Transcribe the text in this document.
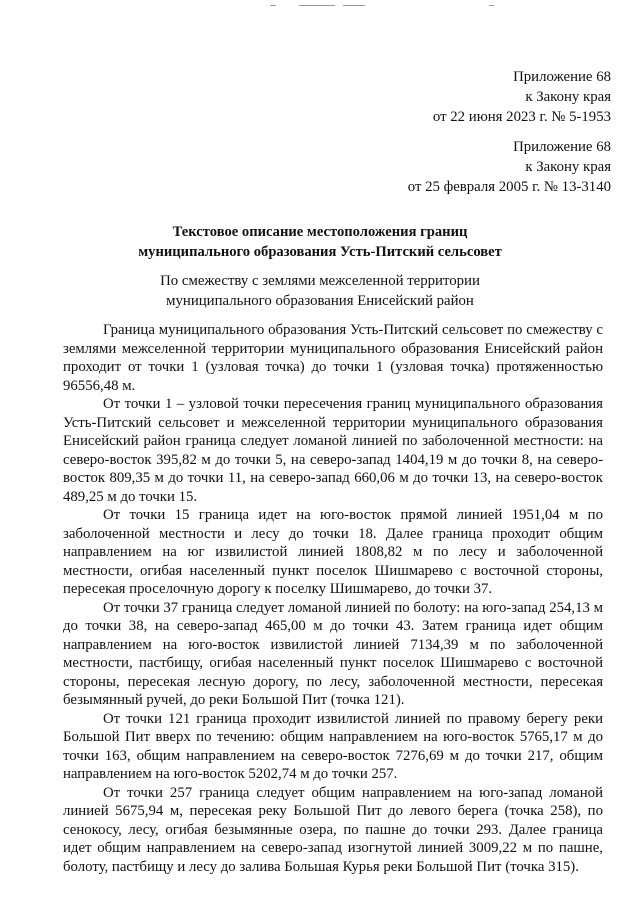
Приложение 68
к Закону края
от 22 июня 2023 г. № 5-1953
Приложение 68
к Закону края
от 25 февраля 2005 г. № 13-3140
Текстовое описание местоположения границ
муниципального образования Усть-Питский сельсовет
По смежеству с землями межселенной территории
муниципального образования Енисейский район

Граница муниципального образования Усть-Питский сельсовет по смежеству с землями межселенной территории муниципального образования Енисейский район проходит от точки 1 (узловая точка) до точки 1 (узловая точка) протяженностью 96556,48 м.

От точки 1 – узловой точки пересечения границ муниципального образования Усть-Питский сельсовет и межселенной территории муниципального образования Енисейский район граница следует ломаной линией по заболоченной местности: на северо-восток 395,82 м до точки 5, на северо-запад 1404,19 м до точки 8, на северо-восток 809,35 м до точки 11, на северо-запад 660,06 м до точки 13, на северо-восток 489,25 м до точки 15.

От точки 15 граница идет на юго-восток прямой линией 1951,04 м по заболоченной местности и лесу до точки 18. Далее граница проходит общим направлением на юг извилистой линией 1808,82 м по лесу и заболоченной местности, огибая населенный пункт поселок Шишмарево с восточной стороны, пересекая проселочную дорогу к поселку Шишмарево, до точки 37.

От точки 37 граница следует ломаной линией по болоту: на юго-запад 254,13 м до точки 38, на северо-запад 465,00 м до точки 43. Затем граница идет общим направлением на юго-восток извилистой линией 7134,39 м по заболоченной местности, пастбищу, огибая населенный пункт поселок Шишмарево с восточной стороны, пересекая лесную дорогу, по лесу, заболоченной местности, пересекая безымянный ручей, до реки Большой Пит (точка 121).

От точки 121 граница проходит извилистой линией по правому берегу реки Большой Пит вверх по течению: общим направлением на юго-восток 5765,17 м до точки 163, общим направлением на северо-восток 7276,69 м до точки 217, общим направлением на юго-восток 5202,74 м до точки 257.

От точки 257 граница следует общим направлением на юго-запад ломаной линией 5675,94 м, пересекая реку Большой Пит до левого берега (точка 258), по сенокосу, лесу, огибая безымянные озера, по пашне до точки 293. Далее граница идет общим направлением на северо-запад изогнутой линией 3009,22 м по пашне, болоту, пастбищу и лесу до залива Большая Курья реки Большой Пит (точка 315).
